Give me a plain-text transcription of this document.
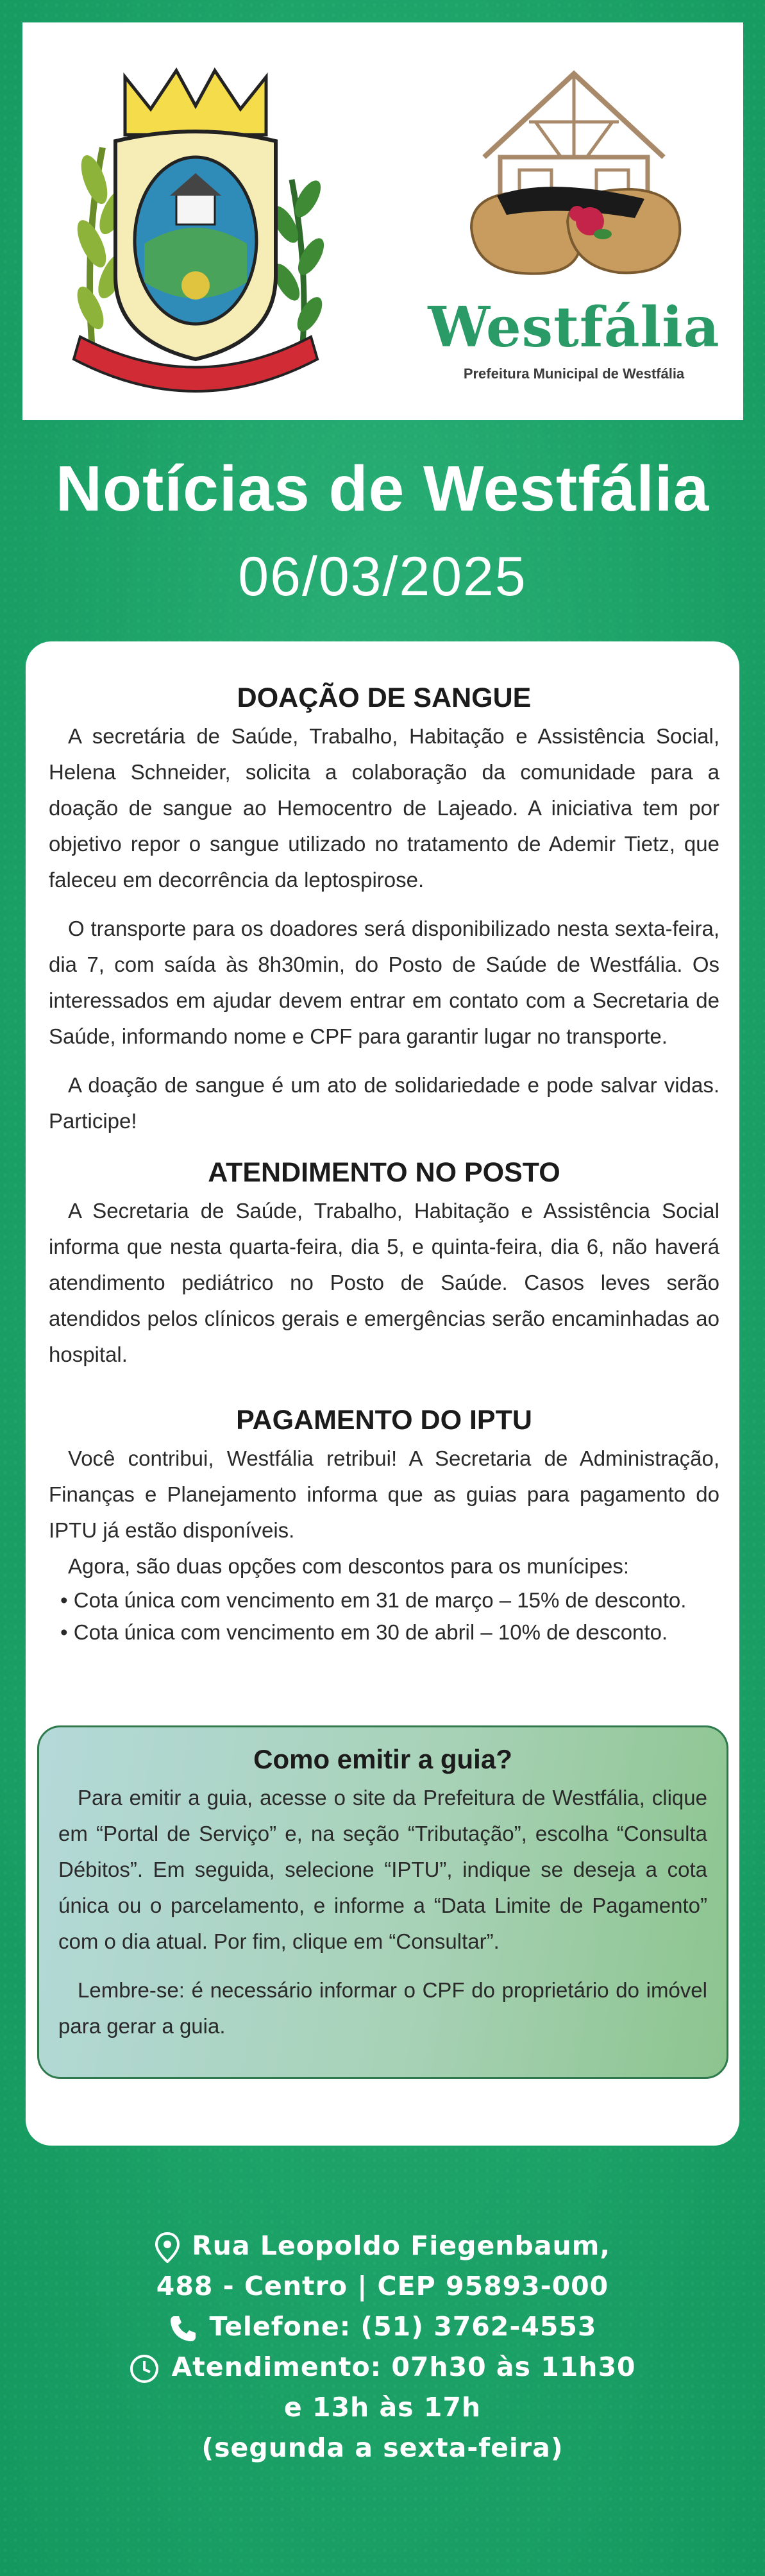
Westfália
Prefeitura Municipal de Westfália
Notícias de Westfália
06/03/2025
DOAÇÃO DE SANGUE

A secretária de Saúde, Trabalho, Habitação e Assistência Social, Helena Schneider, solicita a colaboração da comunidade para a doação de sangue ao Hemocentro de Lajeado. A iniciativa tem por objetivo repor o sangue utilizado no tratamento de Ademir Tietz, que faleceu em decorrência da leptospirose.

O transporte para os doadores será disponibilizado nesta sexta-feira, dia 7, com saída às 8h30min, do Posto de Saúde de Westfália. Os interessados em ajudar devem entrar em contato com a Secretaria de Saúde, informando nome e CPF para garantir lugar no transporte.

A doação de sangue é um ato de solidariedade e pode salvar vidas. Participe!

ATENDIMENTO NO POSTO

A Secretaria de Saúde, Trabalho, Habitação e Assistência Social informa que nesta quarta-feira, dia 5, e quinta-feira, dia 6, não haverá atendimento pediátrico no Posto de Saúde. Casos leves serão atendidos pelos clínicos gerais e emergências serão encaminhadas ao hospital.

PAGAMENTO DO IPTU

Você contribui, Westfália retribui! A Secretaria de Administração, Finanças e Planejamento informa que as guias para pagamento do IPTU já estão disponíveis.

Agora, são duas opções com descontos para os munícipes:

• Cota única com vencimento em 31 de março – 15% de desconto.
• Cota única com vencimento em 30 de abril – 10% de desconto.
Como emitir a guia?

Para emitir a guia, acesse o site da Prefeitura de Westfália, clique em “Portal de Serviço” e, na seção “Tributação”, escolha “Consulta Débitos”. Em seguida, selecione “IPTU”, indique se deseja a cota única ou o parcelamento, e informe a “Data Limite de Pagamento” com o dia atual. Por fim, clique em “Consultar”.

Lembre-se: é necessário informar o CPF do proprietário do imóvel para gerar a guia.

Rua Leopoldo Fiegenbaum,
488 - Centro | CEP 95893-000
Telefone: (51) 3762-4553
Atendimento: 07h30 às 11h30
e 13h às 17h
(segunda a sexta-feira)
